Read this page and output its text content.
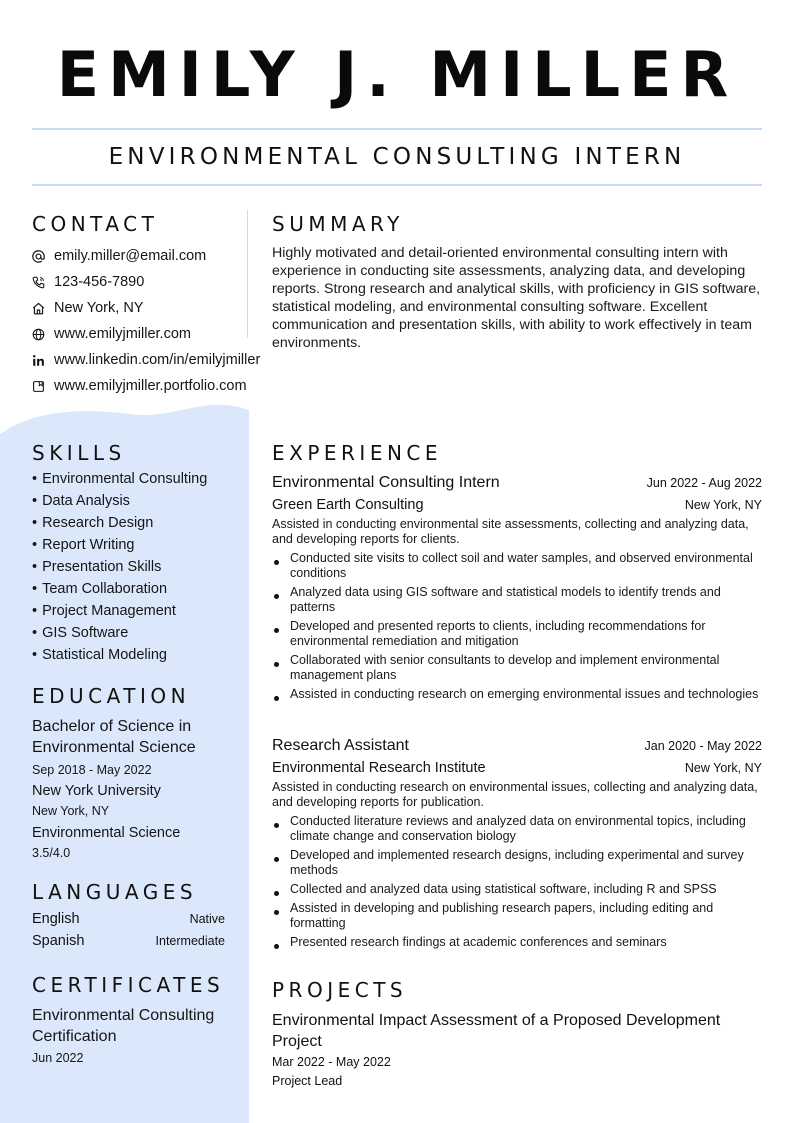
EMILY J. MILLER
ENVIRONMENTAL CONSULTING INTERN
CONTACT
emily.miller@email.com
123-456-7890
New York, NY
www.emilyjmiller.com
www.linkedin.com/in/emilyjmiller
www.emilyjmiller.portfolio.com
SUMMARY

Highly motivated and detail-oriented environmental consulting intern with experience in conducting site assessments, analyzing data, and developing reports. Strong research and analytical skills, with proficiency in GIS software, statistical modeling, and environmental consulting software. Excellent communication and presentation skills, with ability to work effectively in team environments.

SKILLS
• Environmental Consulting
• Data Analysis
• Research Design
• Report Writing
• Presentation Skills
• Team Collaboration
• Project Management
• GIS Software
• Statistical Modeling
EDUCATION
Bachelor of Science in Environmental Science
Sep 2018 - May 2022
New York University
New York, NY
Environmental Science
3.5/4.0
LANGUAGES
English	Native
Spanish	Intermediate
CERTIFICATES
Environmental Consulting Certification
Jun 2022
EXPERIENCE
Environmental Consulting Intern	Jun 2022 - Aug 2022
Green Earth Consulting	New York, NY
Assisted in conducting environmental site assessments, collecting and analyzing data, and developing reports for clients.
Conducted site visits to collect soil and water samples, and observed environmental conditions
Analyzed data using GIS software and statistical models to identify trends and patterns
Developed and presented reports to clients, including recommendations for environmental remediation and mitigation
Collaborated with senior consultants to develop and implement environmental management plans
Assisted in conducting research on emerging environmental issues and technologies
Research Assistant	Jan 2020 - May 2022
Environmental Research Institute	New York, NY
Assisted in conducting research on environmental issues, collecting and analyzing data, and developing reports for publication.
Conducted literature reviews and analyzed data on environmental topics, including climate change and conservation biology
Developed and implemented research designs, including experimental and survey methods
Collected and analyzed data using statistical software, including R and SPSS
Assisted in developing and publishing research papers, including editing and formatting
Presented research findings at academic conferences and seminars
PROJECTS
Environmental Impact Assessment of a Proposed Development Project
Mar 2022 - May 2022
Project Lead
